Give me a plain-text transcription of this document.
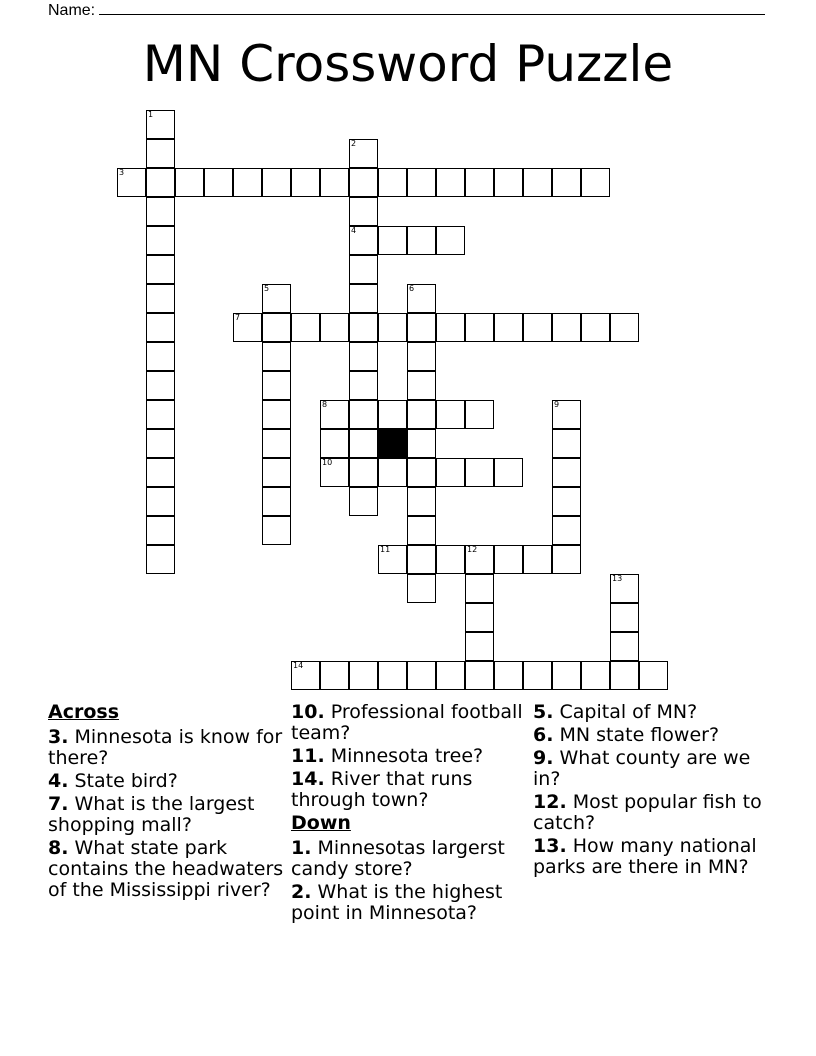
Name:
MN Crossword Puzzle
1
2
4
3
5	6
7
8	9
10
11	12
13
14
Across
3. Minnesota is know for there?
4. State bird?
7. What is the largest shopping mall?
8. What state park contains the headwaters of the Mississippi river?
10. Professional football team?
11. Minnesota tree?
14. River that runs through town?
Down
1. Minnesotas largerst candy store?
2. What is the highest point in Minnesota?
5. Capital of MN?
6. MN state flower?
9. What county are we in?
12. Most popular fish to catch?
13. How many national parks are there in MN?
